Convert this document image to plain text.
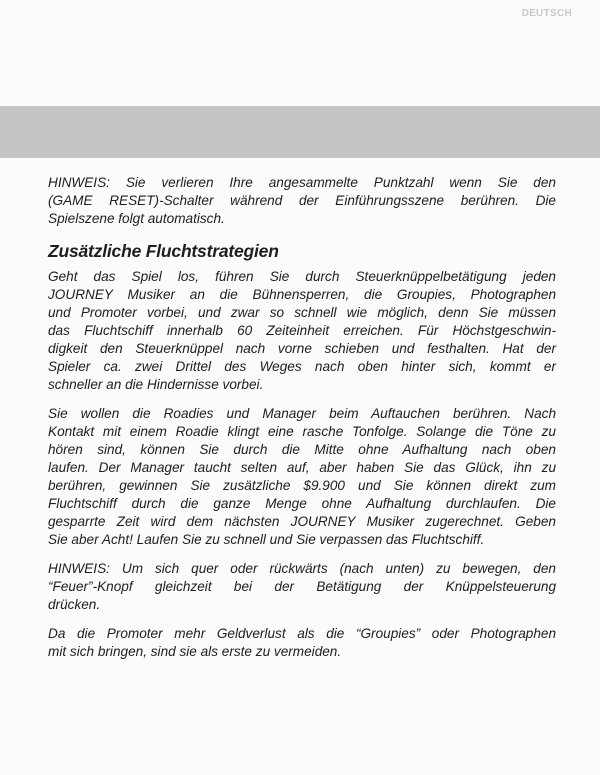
DEUTSCH

HINWEIS: Sie verlieren Ihre angesammelte Punktzahl wenn Sie den
(GAME RESET)-Schalter während der Einführungsszene berühren. Die
Spielszene folgt automatisch.

Zusätzliche Fluchtstrategien

Geht das Spiel los, führen Sie durch Steuerknüppelbetätigung jeden
JOURNEY Musiker an die Bühnensperren, die Groupies, Photographen
und Promoter vorbei, und zwar so schnell wie möglich, denn Sie müssen
das Fluchtschiff innerhalb 60 Zeiteinheit erreichen. Für Höchstgeschwin-
digkeit den Steuerknüppel nach vorne schieben und festhalten. Hat der
Spieler ca. zwei Drittel des Weges nach oben hinter sich, kommt er
schneller an die Hindernisse vorbei.

Sie wollen die Roadies und Manager beim Auftauchen berühren. Nach
Kontakt mit einem Roadie klingt eine rasche Tonfolge. Solange die Töne zu
hören sind, können Sie durch die Mitte ohne Aufhaltung nach oben
laufen. Der Manager taucht selten auf, aber haben Sie das Glück, ihn zu
berühren, gewinnen Sie zusätzliche $9.900 und Sie können direkt zum
Fluchtschiff durch die ganze Menge ohne Aufhaltung durchlaufen. Die
gesparrte Zeit wird dem nächsten JOURNEY Musiker zugerechnet. Geben
Sie aber Acht! Laufen Sie zu schnell und Sie verpassen das Fluchtschiff.

HINWEIS: Um sich quer oder rückwärts (nach unten) zu bewegen, den
“Feuer”-Knopf gleichzeit bei der Betätigung der Knüppelsteuerung
drücken.

Da die Promoter mehr Geldverlust als die “Groupies” oder Photographen
mit sich bringen, sind sie als erste zu vermeiden.
